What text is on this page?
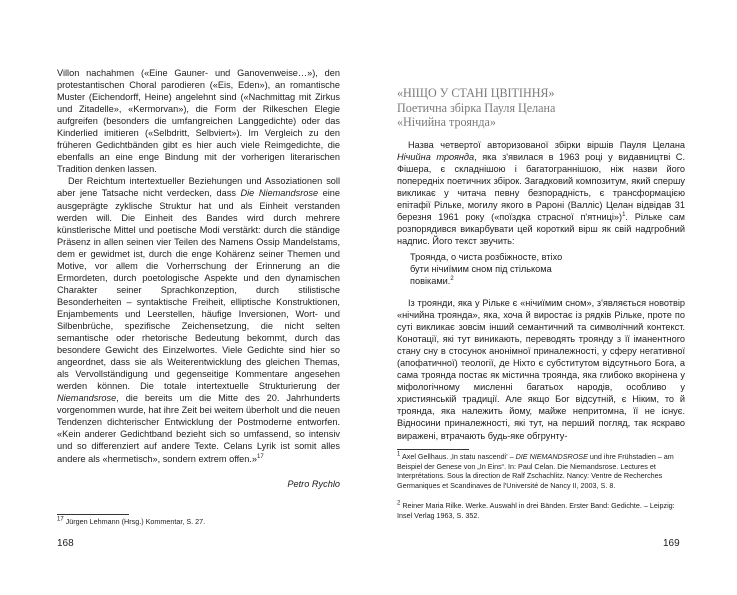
Villon nachahmen («Eine Gauner- und Ganovenweise…»), den protestantischen Choral parodieren («Eis, Eden»), an romantische Muster (Eichendorff, Heine) angelehnt sind («Nachmittag mit Zirkus und Zitadelle», «Kermorvan»), die Form der Rilkeschen Elegie aufgreifen (besonders die umfangreichen Langgedichte) oder das Kinderlied imitieren («Selbdritt, Selbviert»). Im Vergleich zu den früheren Gedichtbänden gibt es hier auch viele Reimgedichte, die ebenfalls an eine enge Bindung mit der vorherigen literarischen Tradition denken lassen.

Der Reichtum intertextueller Beziehungen und Assoziationen soll aber jene Tatsache nicht verdecken, dass Die Niemandsrose eine ausgeprägte zyklische Struktur hat und als Einheit verstanden werden will. Die Einheit des Bandes wird durch mehrere künstlerische Mittel und poetische Modi verstärkt: durch die ständige Präsenz in allen seinen vier Teilen des Namens Ossip Mandelstams, dem er gewidmet ist, durch die enge Kohärenz seiner Themen und Motive, vor allem die Vorherrschung der Erinnerung an die Ermordeten, durch poetologische Aspekte und den dynamischen Charakter seiner Sprachkonzeption, durch stilistische Besonderheiten – syntaktische Freiheit, elliptische Konstruktionen, Enjambements und Leerstellen, häufige Inversionen, Wort- und Silbenbrüche, spezifische Zeichensetzung, die nicht selten semantische oder rhetorische Bedeutung bekommt, durch das besondere Gewicht des Einzelwortes. Viele Gedichte sind hier so angeordnet, dass sie als Weiterentwicklung des gleichen Themas, als Vervollständigung und gegenseitige Kommentare angesehen werden können. Die totale intertextuelle Strukturierung der Niemandsrose, die bereits um die Mitte des 20. Jahrhunderts vorgenommen wurde, hat ihre Zeit bei weitem überholt und die neuen Tendenzen dichterischer Entwicklung der Postmoderne entworfen. «Kein anderer Gedichtband bezieht sich so umfassend, so intensiv und so differenziert auf andere Texte. Celans Lyrik ist somit alles andere als «hermetisch», sondern extrem offen.»$^{17}$

Petro Rychlo
$^{17}$ Jürgen Lehmann (Hrsg.) Kommentar, S. 27.
168
«НІЩО У СТАНІ ЦВІТІННЯ»
Поетична збірка Пауля Целана
«Нічийна троянда»
Назва четвертої авторизованої збірки віршів Пауля Целана Нічийна троянда, яка з'явилася в 1963 році у видавництві С. Фішера, є складнішою і багатограннішою, ніж назви його попередніх поетичних збірок. Загадковий композитум, який спершу викликає у читача певну безпорадність, є трансформацією епітафії Рільке, могилу якого в Pароні (Валліс) Целан відвідав 31 березня 1961 року («поїздка страсної п'ятниці»)$^1$. Рільке сам розпорядився викарбувати цей короткий вірш як свій надгробний надпис. Його текст звучить:
Троянда, о чиста розбіжносте, втіхо
бути нічиїмим сном під стількома
повіками.$^2$
Із троянди, яка у Рільке є «нічиїмим сном», з'являється новотвір «нічийна троянда», яка, хоча й виростає із рядків Рільке, проте по суті викликає зовсім інший семантичний та символічний контекст. Конотації, які тут виникають, переводять троянду з її іманентного стану сну в стосунок анонімної приналежності, у сферу негативної (апофатичної) теології, де Ніхто є субститутом відсутнього Бога, а сама троянда постає як містична троянда, яка глибоко вкорінена у міфологічному мисленні багатьох народів, особливо у християнській традиції. Але якщо Бог відсутній, є Ніким, то й троянда, яка належить йому, майже непритомна, її не існує. Відносини приналежності, які тут, на перший погляд, так яскраво виражені, втрачають будь-яке обгрунту-
$^1$ Axel Gellhaus. ‚In statu nascendi' – DIE NIEMANDSROSE und ihre Frühstadien – am Beispiel der Genese von „In Eins“. In: Paul Celan. Die Niemandsrose. Lectures et Interprétations. Sous la direction de Ralf Zschachlitz. Nancy: Ventre de Recherches Germaniques et Scandinaves de l'Université de Nancy II, 2003, S. 8.
$^2$ Reiner Maria Rilke. Werke. Auswahl in drei Bänden. Erster Band: Gedichte. – Leipzig: Insel Verlag 1963, S. 352.
169
